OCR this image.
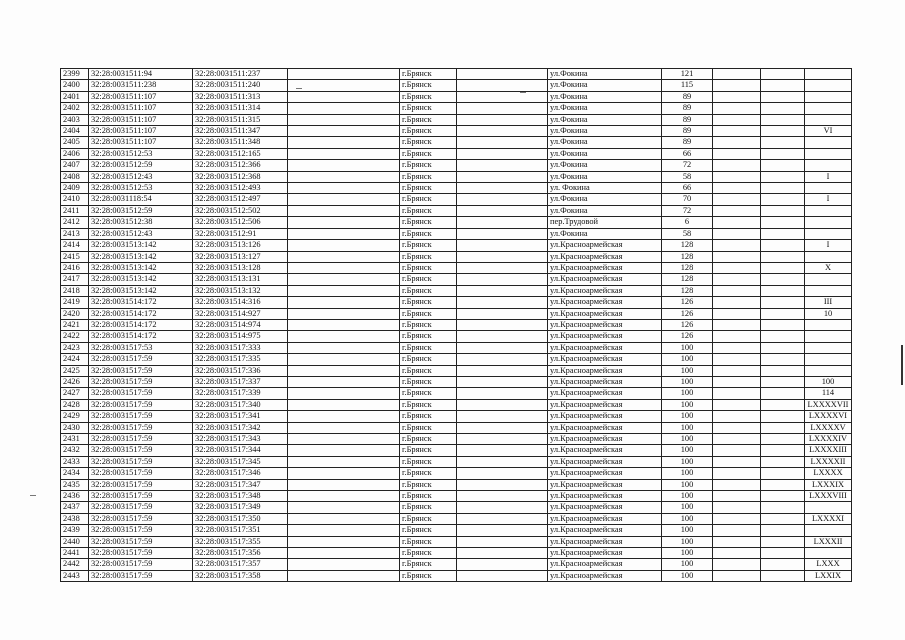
2399	32:28:0031511:94	32:28:0031511:237		г.Брянск		ул.Фокина	121			
2400	32:28:0031511:238	32:28:0031511:240		г.Брянск		ул.Фокина	115			
2401	32:28:0031511:107	32:28:0031511:313		г.Брянск		ул.Фокина	89			
2402	32:28:0031511:107	32:28:0031511:314		г.Брянск		ул.Фокина	89			
2403	32:28:0031511:107	32:28:0031511:315		г.Брянск		ул.Фокина	89			
2404	32:28:0031511:107	32:28:0031511:347		г.Брянск		ул.Фокина	89			VI
2405	32:28:0031511:107	32:28:0031511:348		г.Брянск		ул.Фокина	89			
2406	32:28:0031512:53	32:28:0031512:165		г.Брянск		ул.Фокина	66			
2407	32:28:0031512:59	32:28:0031512:366		г.Брянск		ул.Фокина	72			
2408	32:28:0031512:43	32:28:0031512:368		г.Брянск		ул.Фокина	58			I
2409	32:28:0031512:53	32:28:0031512:493		г.Брянск		ул. Фокина	66			
2410	32:28:0031118:54	32:28:0031512:497		г.Брянск		ул.Фокина	70			I
2411	32:28:0031512:59	32:28:0031512:502		г.Брянск		ул.Фокина	72			
2412	32:28:0031512:38	32:28:0031512:506		г.Брянск		пер.Трудовой	6			
2413	32:28:0031512:43	32:28:0031512:91		г.Брянск		ул.Фокина	58			
2414	32:28:0031513:142	32:28:0031513:126		г.Брянск		ул.Красноармейская	128			I
2415	32:28:0031513:142	32:28:0031513:127		г.Брянск		ул.Красноармейская	128			
2416	32:28:0031513:142	32:28:0031513:128		г.Брянск		ул.Красноармейская	128			X
2417	32:28:0031513:142	32:28:0031513:131		г.Брянск		ул.Красноармейская	128			
2418	32:28:0031513:142	32:28:0031513:132		г.Брянск		ул.Красноармейская	128			
2419	32:28:0031514:172	32:28:0031514:316		г.Брянск		ул.Красноармейская	126			III
2420	32:28:0031514:172	32:28:0031514:927		г.Брянск		ул.Красноармейская	126			10
2421	32:28:0031514:172	32:28:0031514:974		г.Брянск		ул.Красноармейская	126			
2422	32:28:0031514:172	32:28:0031514:975		г.Брянск		ул.Красноармейская	126			
2423	32:28:0031517:53	32:28:0031517:333		г.Брянск		ул.Красноармейская	100			
2424	32:28:0031517:59	32:28:0031517:335		г.Брянск		ул.Красноармейская	100			
2425	32:28:0031517:59	32:28:0031517:336		г.Брянск		ул.Красноармейская	100			
2426	32:28:0031517:59	32:28:0031517:337		г.Брянск		ул.Красноармейская	100			100
2427	32:28:0031517:59	32:28:0031517:339		г.Брянск		ул.Красноармейская	100			114
2428	32:28:0031517:59	32:28:0031517:340		г.Брянск		ул.Красноармейская	100			LXXXXVII
2429	32:28:0031517:59	32:28:0031517:341		г.Брянск		ул.Красноармейская	100			LXXXXVI
2430	32:28:0031517:59	32:28:0031517:342		г.Брянск		ул.Красноармейская	100			LXXXXV
2431	32:28:0031517:59	32:28:0031517:343		г.Брянск		ул.Красноармейская	100			LXXXXIV
2432	32:28:0031517:59	32:28:0031517:344		г.Брянск		ул.Красноармейская	100			LXXXXIII
2433	32:28:0031517:59	32:28:0031517:345		г.Брянск		ул.Красноармейская	100			LXXXXII
2434	32:28:0031517:59	32:28:0031517:346		г.Брянск		ул.Красноармейская	100			LXXXX
2435	32:28:0031517:59	32:28:0031517:347		г.Брянск		ул.Красноармейская	100			LXXXIX
2436	32:28:0031517:59	32:28:0031517:348		г.Брянск		ул.Красноармейская	100			LXXXVIII
2437	32:28:0031517:59	32:28:0031517:349		г.Брянск		ул.Красноармейская	100			
2438	32:28:0031517:59	32:28:0031517:350		г.Брянск		ул.Красноармейская	100			LXXXXI
2439	32:28:0031517:59	32:28:0031517:351		г.Брянск		ул.Красноармейская	100			
2440	32:28:0031517:59	32:28:0031517:355		г.Брянск		ул.Красноармейская	100			LXXXII
2441	32:28:0031517:59	32:28:0031517:356		г.Брянск		ул.Красноармейская	100			
2442	32:28:0031517:59	32:28:0031517:357		г.Брянск		ул.Красноармейская	100			LXXX
2443	32:28:0031517:59	32:28:0031517:358		г.Брянск		ул.Красноармейская	100			LXXIX
